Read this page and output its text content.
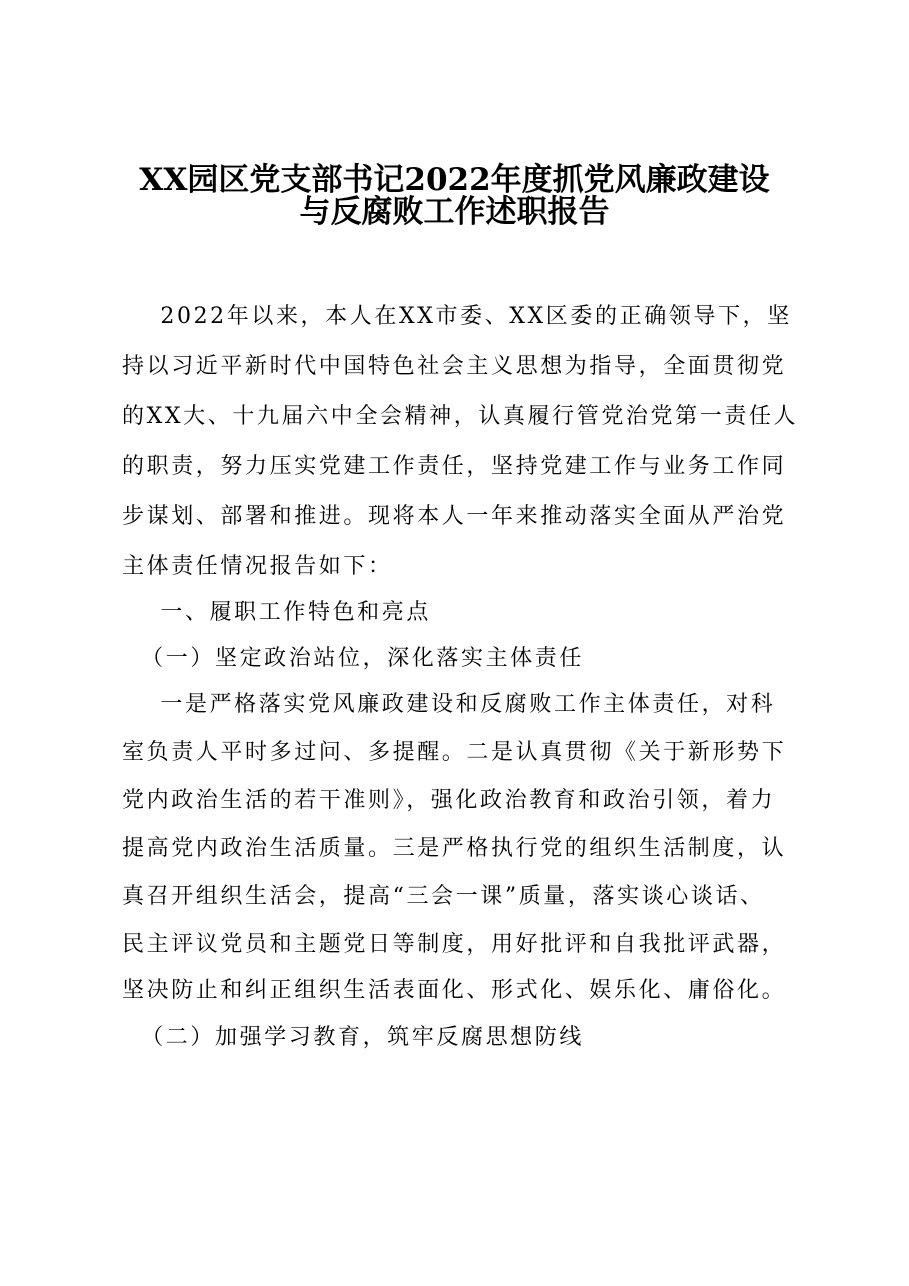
XX园区党支部书记2022年度抓党风廉政建设
与反腐败工作述职报告
2022年以来，本人在XX市委、XX区委的正确领导下，坚
持以习近平新时代中国特色社会主义思想为指导，全面贯彻党
的XX大、十九届六中全会精神，认真履行管党治党第一责任人
的职责，努力压实党建工作责任，坚持党建工作与业务工作同
步谋划、部署和推进。现将本人一年来推动落实全面从严治党
主体责任情况报告如下：
一、履职工作特色和亮点
（一）坚定政治站位，深化落实主体责任
一是严格落实党风廉政建设和反腐败工作主体责任，对科
室负责人平时多过问、多提醒。二是认真贯彻《关于新形势下
党内政治生活的若干准则》，强化政治教育和政治引领，着力
提高党内政治生活质量。三是严格执行党的组织生活制度，认
真召开组织生活会，提高“三会一课”质量，落实谈心谈话、
民主评议党员和主题党日等制度，用好批评和自我批评武器，
坚决防止和纠正组织生活表面化、形式化、娱乐化、庸俗化。
（二）加强学习教育，筑牢反腐思想防线
